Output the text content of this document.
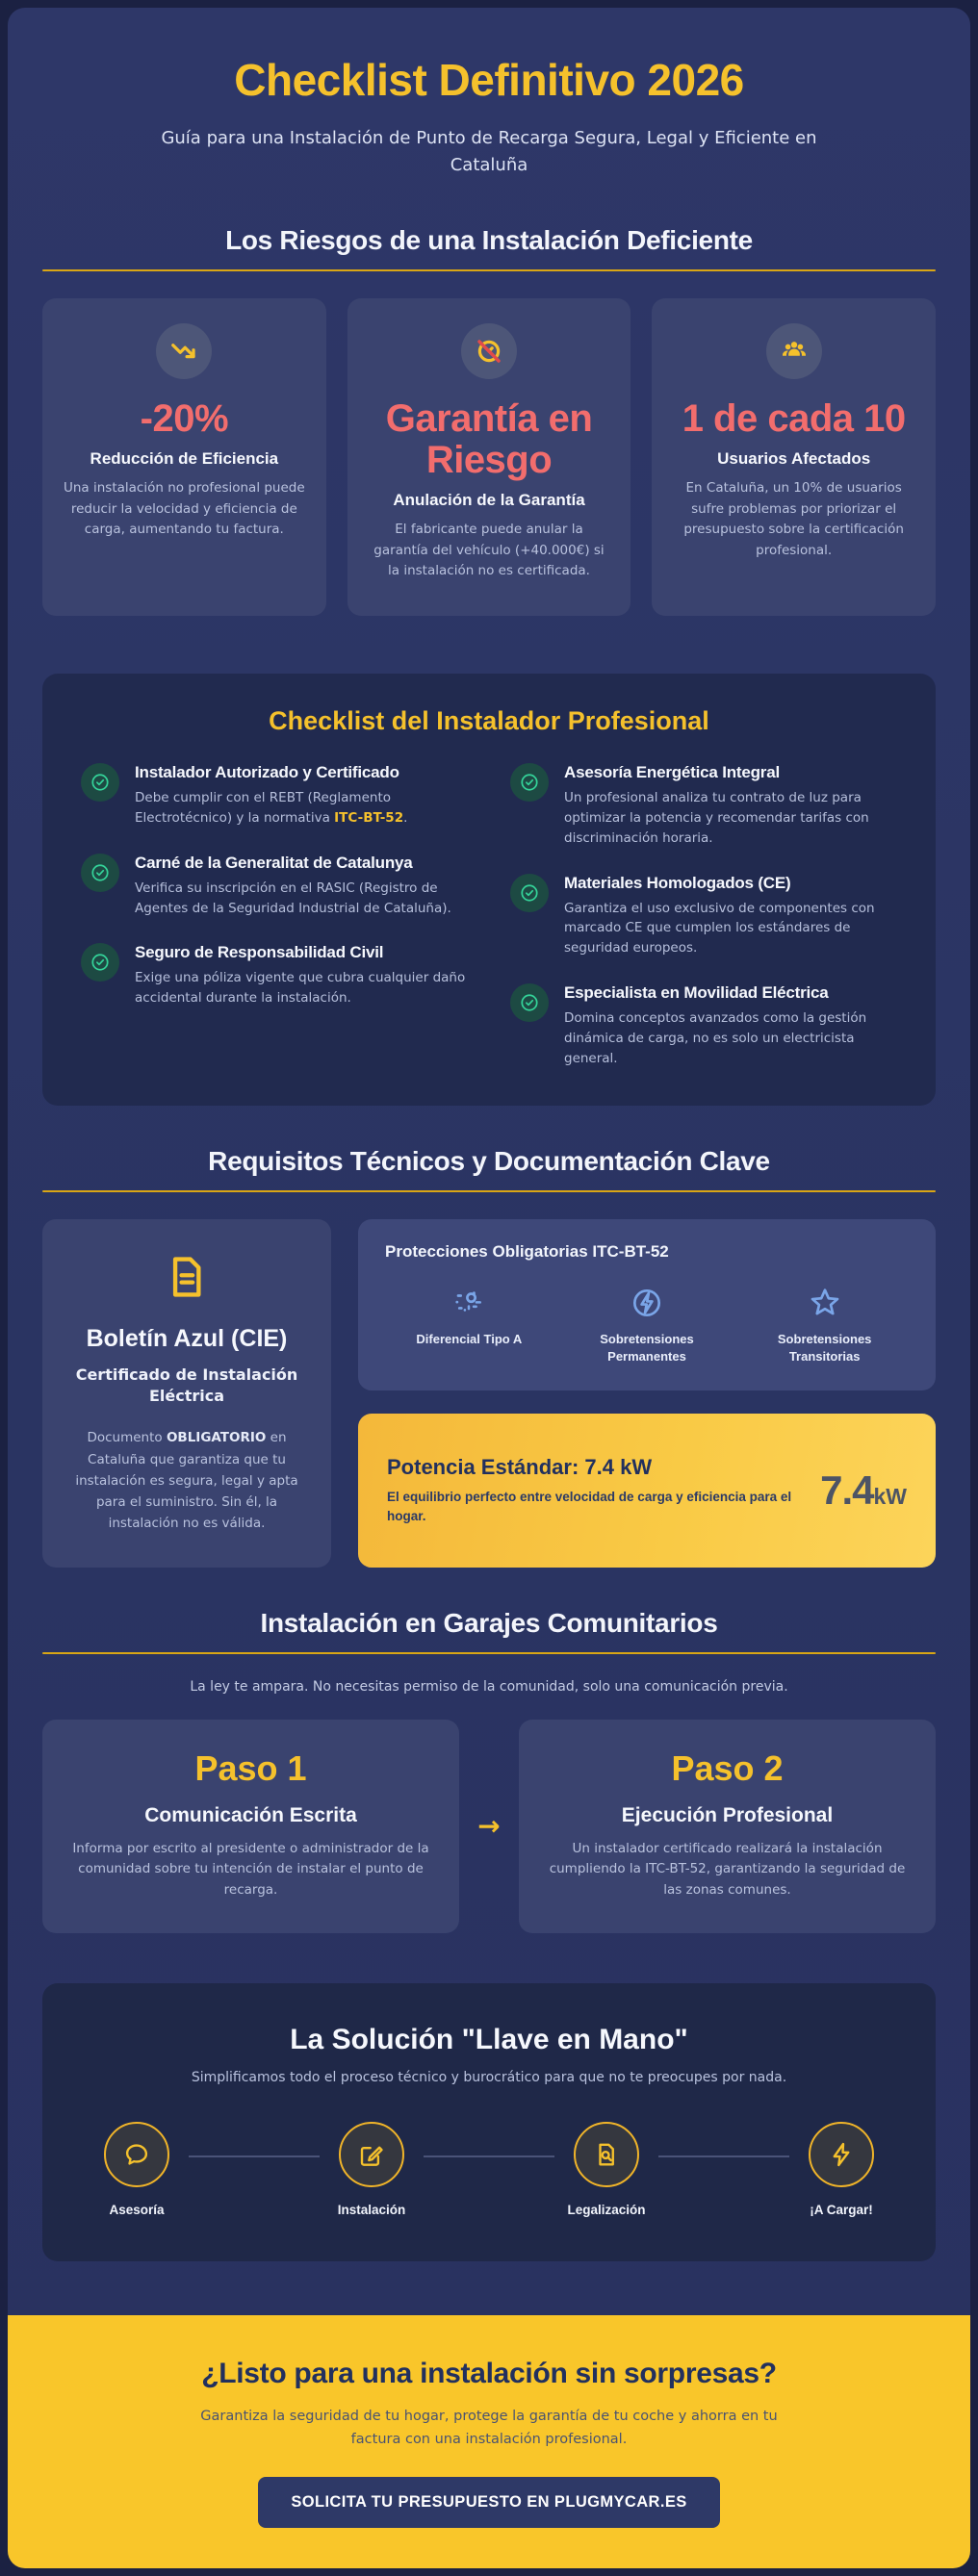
Checklist Definitivo 2026

Guía para una Instalación de Punto de Recarga Segura, Legal y Eficiente en Cataluña

Los Riesgos de una Instalación Deficiente
-20%
Reducción de Eficiencia

Una instalación no profesional puede reducir la velocidad y eficiencia de carga, aumentando tu factura.

Garantía en Riesgo
Anulación de la Garantía

El fabricante puede anular la garantía del vehículo (+40.000€) si la instalación no es certificada.

1 de cada 10
Usuarios Afectados

En Cataluña, un 10% de usuarios sufre problemas por priorizar el presupuesto sobre la certificación profesional.

Checklist del Instalador Profesional
Instalador Autorizado y Certificado

Debe cumplir con el REBT (Reglamento Electrotécnico) y la normativa ITC-BT-52.

Carné de la Generalitat de Catalunya

Verifica su inscripción en el RASIC (Registro de Agentes de la Seguridad Industrial de Cataluña).

Seguro de Responsabilidad Civil

Exige una póliza vigente que cubra cualquier daño accidental durante la instalación.

Asesoría Energética Integral

Un profesional analiza tu contrato de luz para optimizar la potencia y recomendar tarifas con discriminación horaria.

Materiales Homologados (CE)

Garantiza el uso exclusivo de componentes con marcado CE que cumplen los estándares de seguridad europeos.

Especialista en Movilidad Eléctrica

Domina conceptos avanzados como la gestión dinámica de carga, no es solo un electricista general.

Requisitos Técnicos y Documentación Clave
Boletín Azul (CIE)
Certificado de Instalación Eléctrica

Documento OBLIGATORIO en Cataluña que garantiza que tu instalación es segura, legal y apta para el suministro. Sin él, la instalación no es válida.

Protecciones Obligatorias ITC-BT-52
Diferencial Tipo A	Sobretensiones Permanentes
Sobretensiones Transitorias
Potencia Estándar: 7.4 kW

El equilibrio perfecto entre velocidad de carga y eficiencia para el hogar.

7.4kW
Instalación en Garajes Comunitarios

La ley te ampara. No necesitas permiso de la comunidad, solo una comunicación previa.

Paso 1
Comunicación Escrita

Informa por escrito al presidente o administrador de la comunidad sobre tu intención de instalar el punto de recarga.

→
Paso 2
Ejecución Profesional

Un instalador certificado realizará la instalación cumpliendo la ITC-BT-52, garantizando la seguridad de las zonas comunes.

La Solución "Llave en Mano"

Simplificamos todo el proceso técnico y burocrático para que no te preocupes por nada.

Asesoría	Instalación	Legalización	¡A Cargar!
¿Listo para una instalación sin sorpresas?

Garantiza la seguridad de tu hogar, protege la garantía de tu coche y ahorra en tu factura con una instalación profesional.

SOLICITA TU PRESUPUESTO EN PLUGMYCAR.ES
